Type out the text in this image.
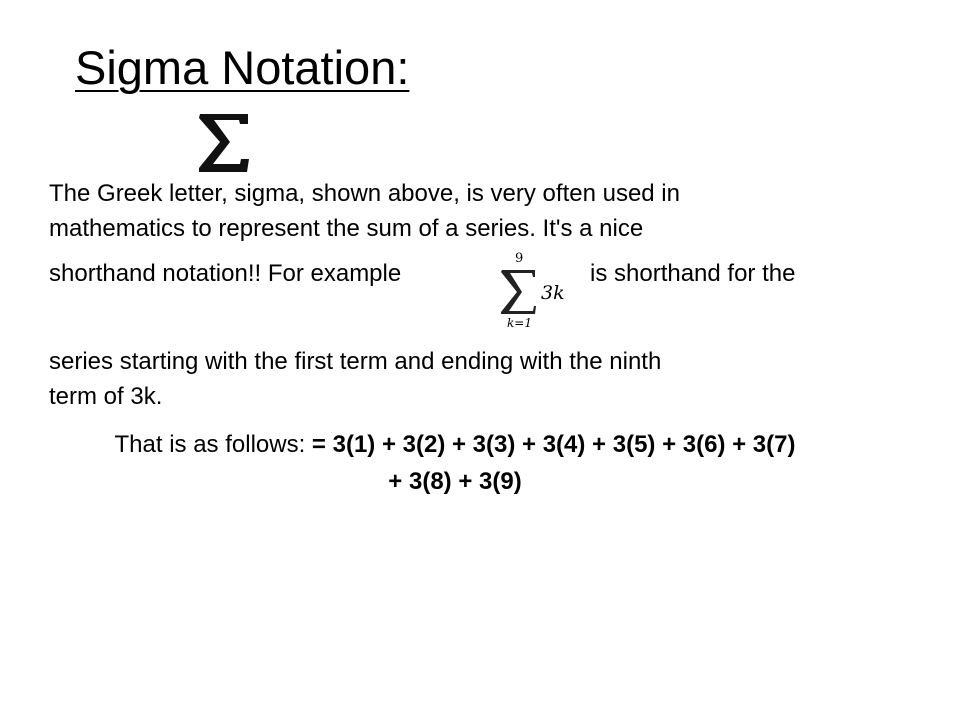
Sigma Notation:
The Greek letter, sigma, shown above, is very often used in
mathematics to represent the sum of a series. It's a nice
shorthand notation!! For example
9
3k
k=1
is shorthand for the
series starting with the first term and ending with the ninth
term of 3k.
That is as follows: = 3(1) + 3(2) + 3(3) + 3(4) + 3(5) + 3(6) + 3(7)
+ 3(8) + 3(9)
